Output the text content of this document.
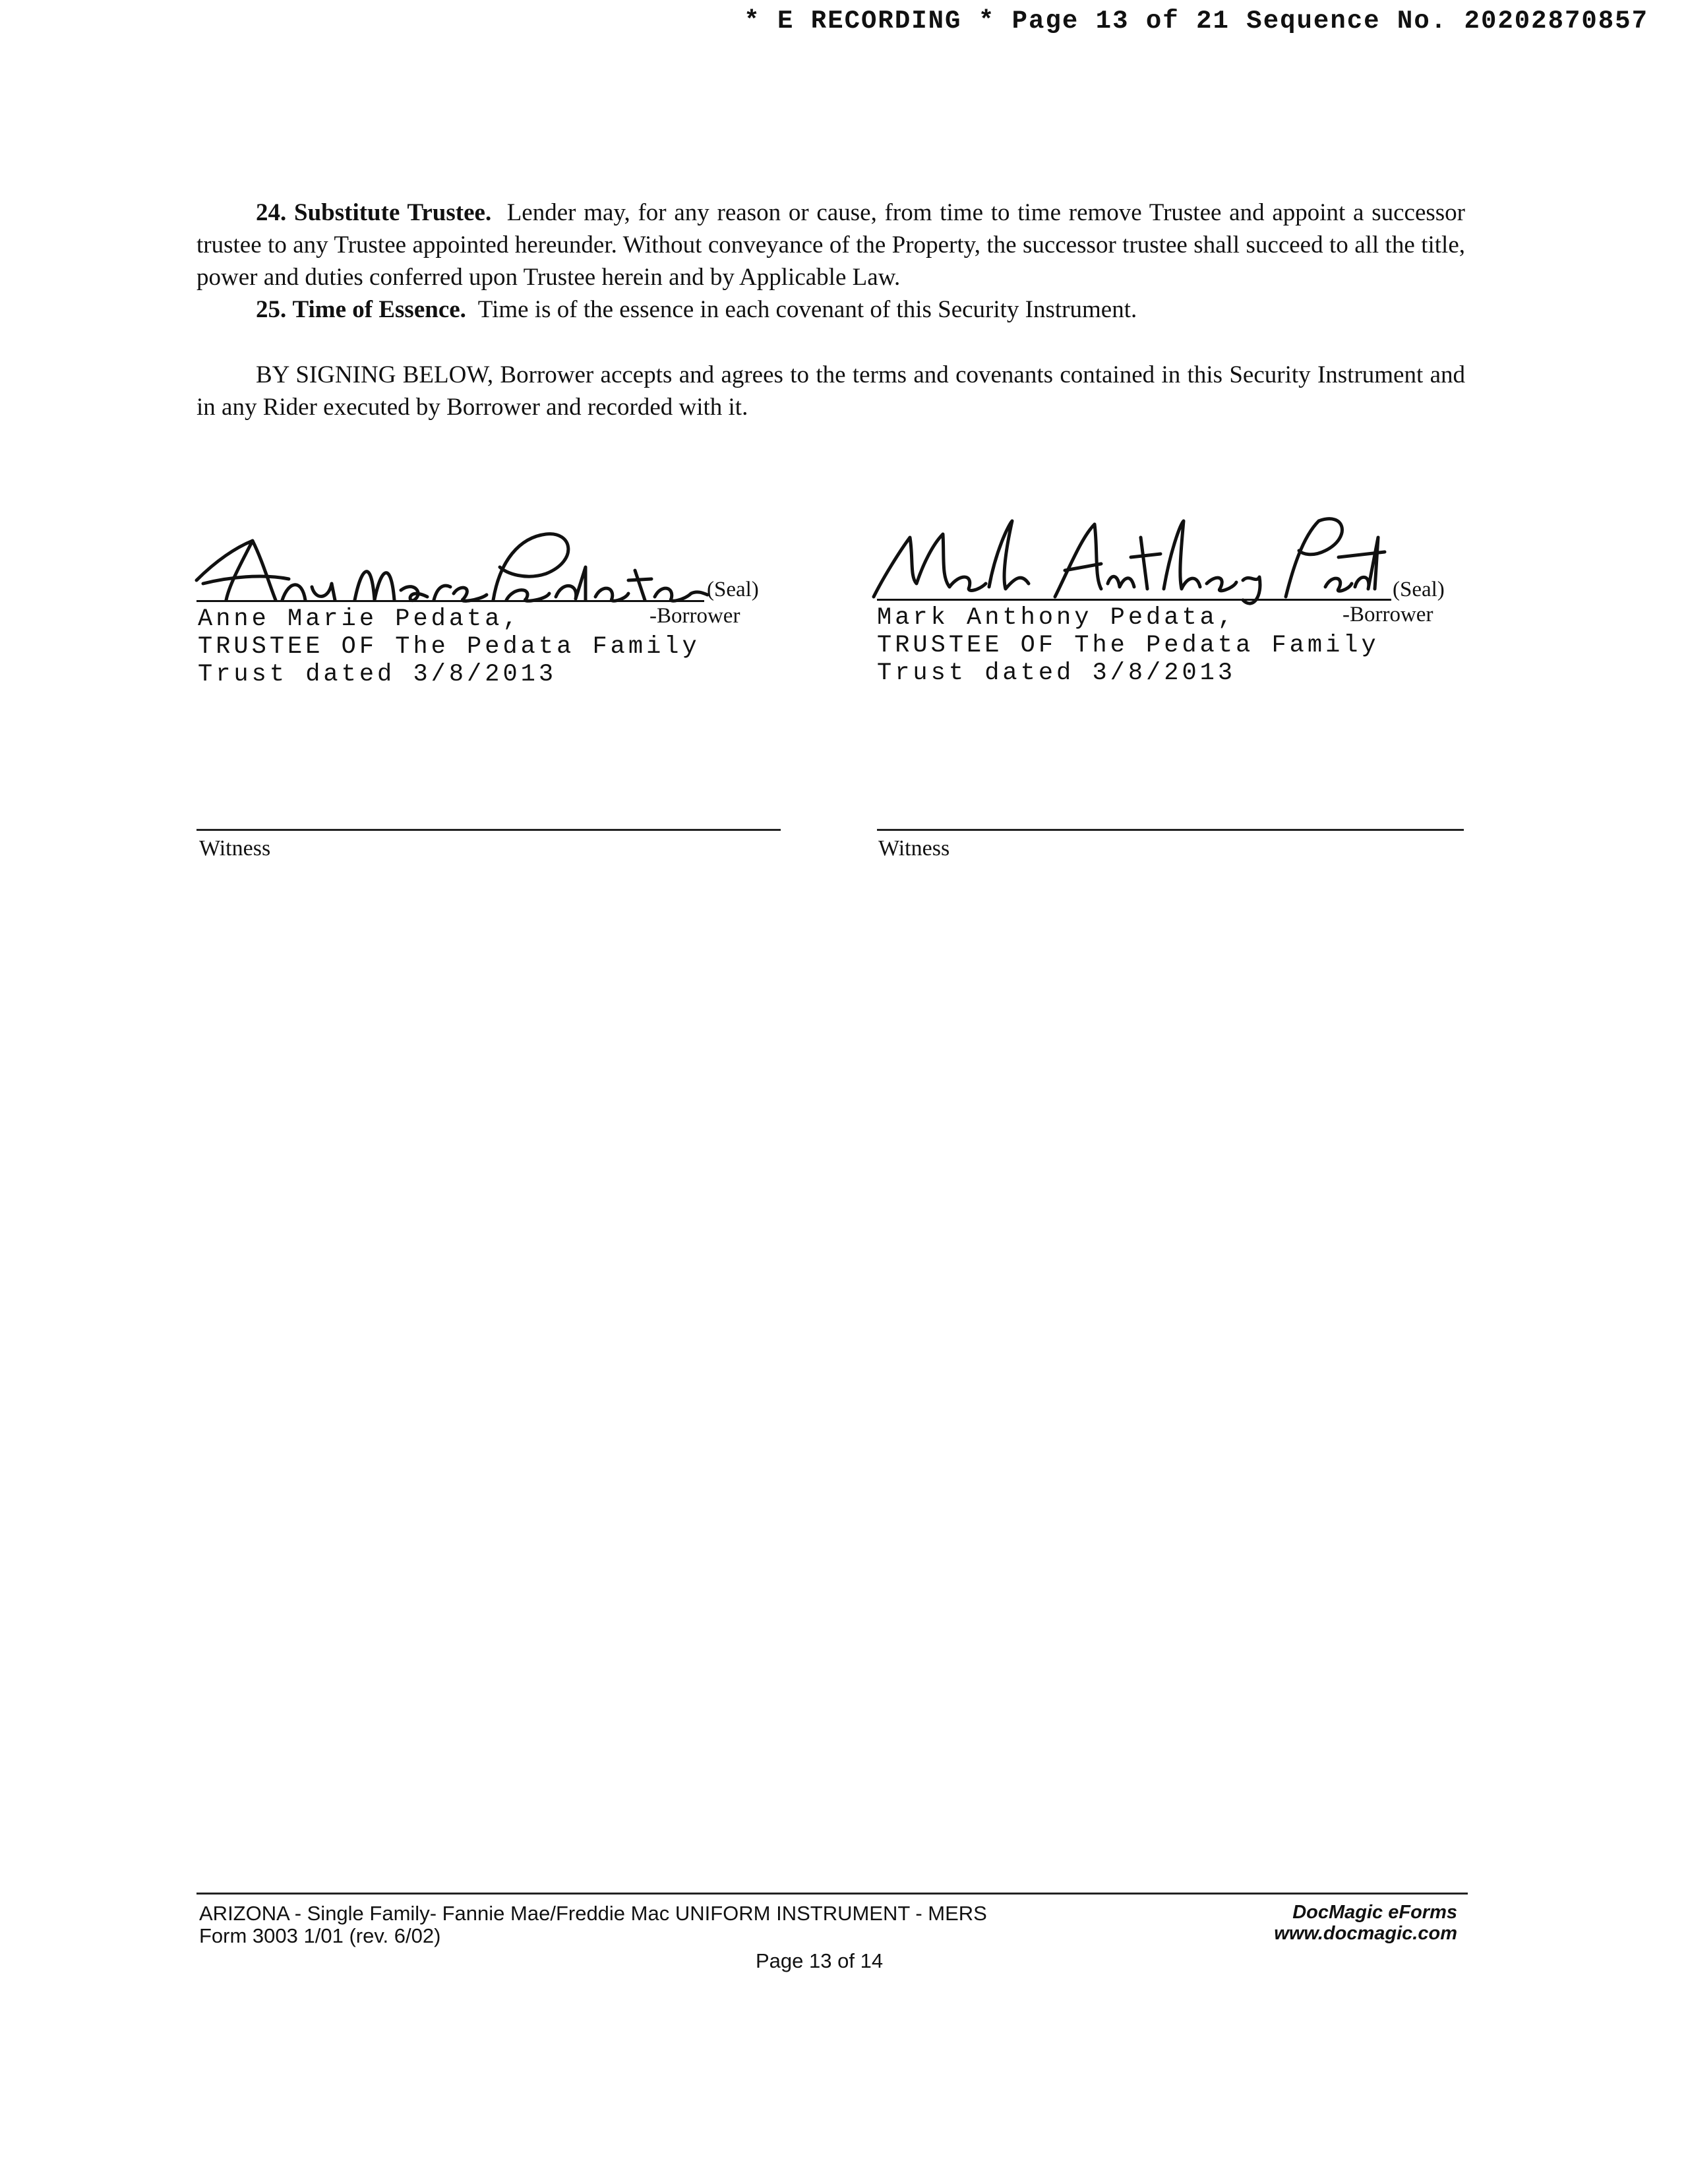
* E RECORDING * Page 13 of 21 Sequence No. 20202870857
24. Substitute Trustee. Lender may, for any reason or cause, from time to time remove Trustee and appoint a successor trustee to any Trustee appointed hereunder. Without conveyance of the Property, the successor trustee shall succeed to all the title, power and duties conferred upon Trustee herein and by Applicable Law.
25. Time of Essence. Time is of the essence in each covenant of this Security Instrument.
BY SIGNING BELOW, Borrower accepts and agrees to the terms and covenants contained in this Security Instrument and in any Rider executed by Borrower and recorded with it.
(Seal)
-Borrower
Anne Marie Pedata,
TRUSTEE OF The Pedata Family
Trust dated 3/8/2013
(Seal)
-Borrower
Mark Anthony Pedata,
TRUSTEE OF The Pedata Family
Trust dated 3/8/2013
Witness	Witness
ARIZONA - Single Family- Fannie Mae/Freddie Mac UNIFORM INSTRUMENT - MERS
Form 3003 1/01 (rev. 6/02)
Page 13 of 14
DocMagic eForms
www.docmagic.com
